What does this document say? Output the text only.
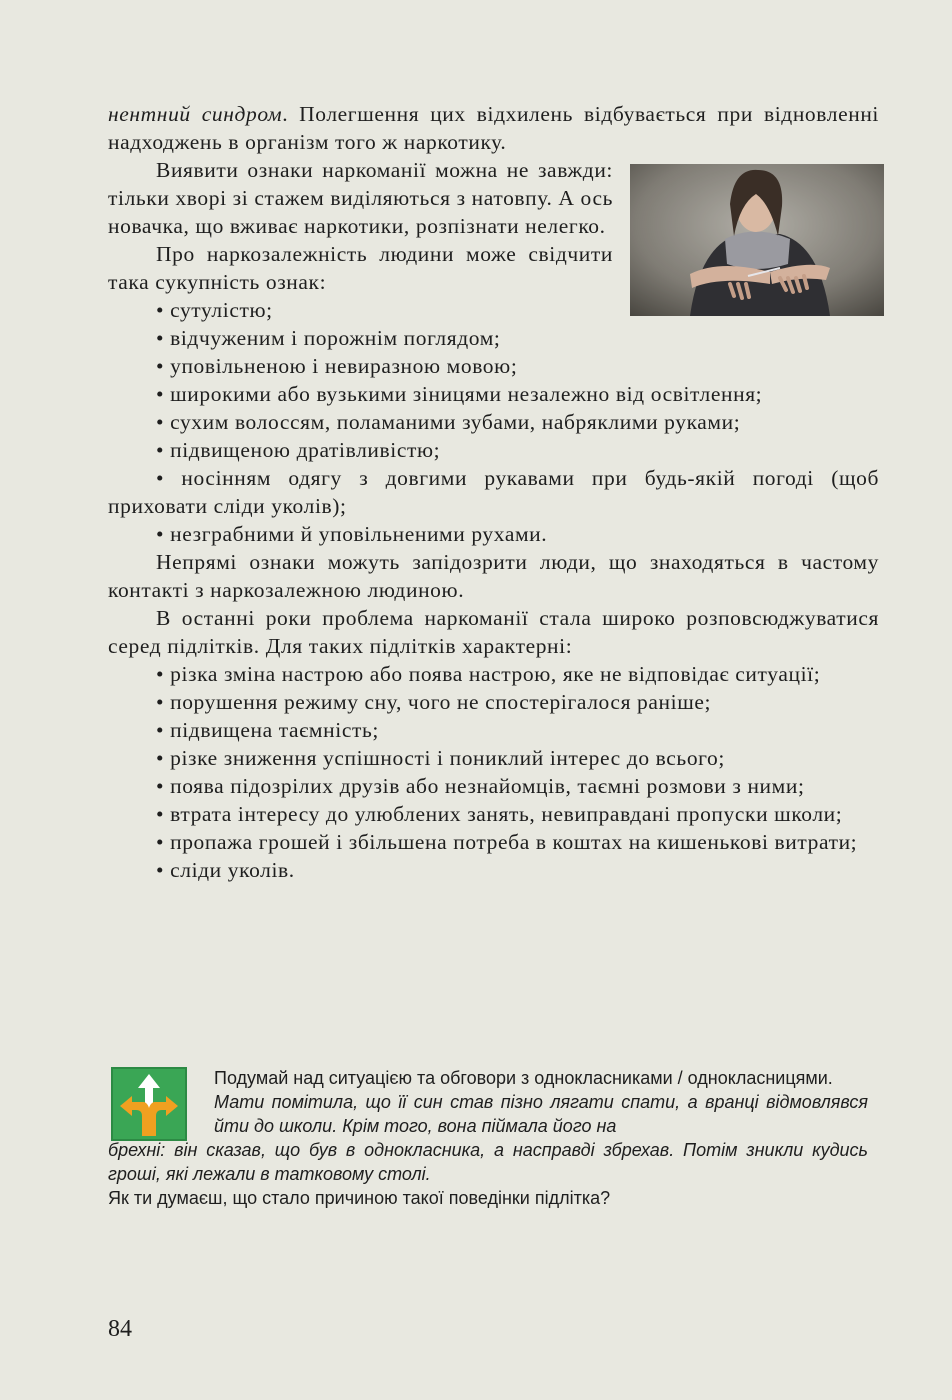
нентний синдром. Полегшення цих відхилень відбувається при відновленні надходжень в організм того ж наркотику.

Виявити ознаки наркоманії можна не завжди: тільки хворі зі стажем виділяються з натовпу. А ось новачка, що вживає наркотики, розпізнати нелегко.

Про наркозалежність людини може свідчити така сукупність ознак:

• сутулістю;

• відчуженим і порожнім поглядом;

• уповільненою і невиразною мовою;

• широкими або вузькими зіницями незалежно від освітлення;

• сухим волоссям, поламаними зубами, набряклими руками;

• підвищеною дратівливістю;

• носінням одягу з довгими рукавами при будь-якій погоді (щоб приховати сліди уколів);

• незграбними й уповільненими рухами.

Непрямі ознаки можуть запідозрити люди, що знаходяться в частому контакті з наркозалежною людиною.

В останні роки проблема наркоманії стала широко розповсюджуватися серед підлітків. Для таких підлітків характерні:

• різка зміна настрою або поява настрою, яке не відповідає ситуації;

• порушення режиму сну, чого не спостерігалося раніше;

• підвищена таємність;

• різке зниження успішності і пониклий інтерес до всього;

• поява підозрілих друзів або незнайомців, таємні розмови з ними;

• втрата інтересу до улюблених занять, невиправдані пропуски школи;

• пропажа грошей і збільшена потреба в коштах на кишенькові витрати;

• сліди уколів.

Подумай над ситуацією та обговори з однокласниками / однокласницями.

Мати помітила, що її син став пізно лягати спати, а вранці відмовлявся йти до школи. Крім того, вона піймала його на

брехні: він сказав, що був в однокласника, а насправді збрехав. Потім зникли кудись гроші, які лежали в татковому столі.

Як ти думаєш, що стало причиною такої поведінки підлітка?

84
